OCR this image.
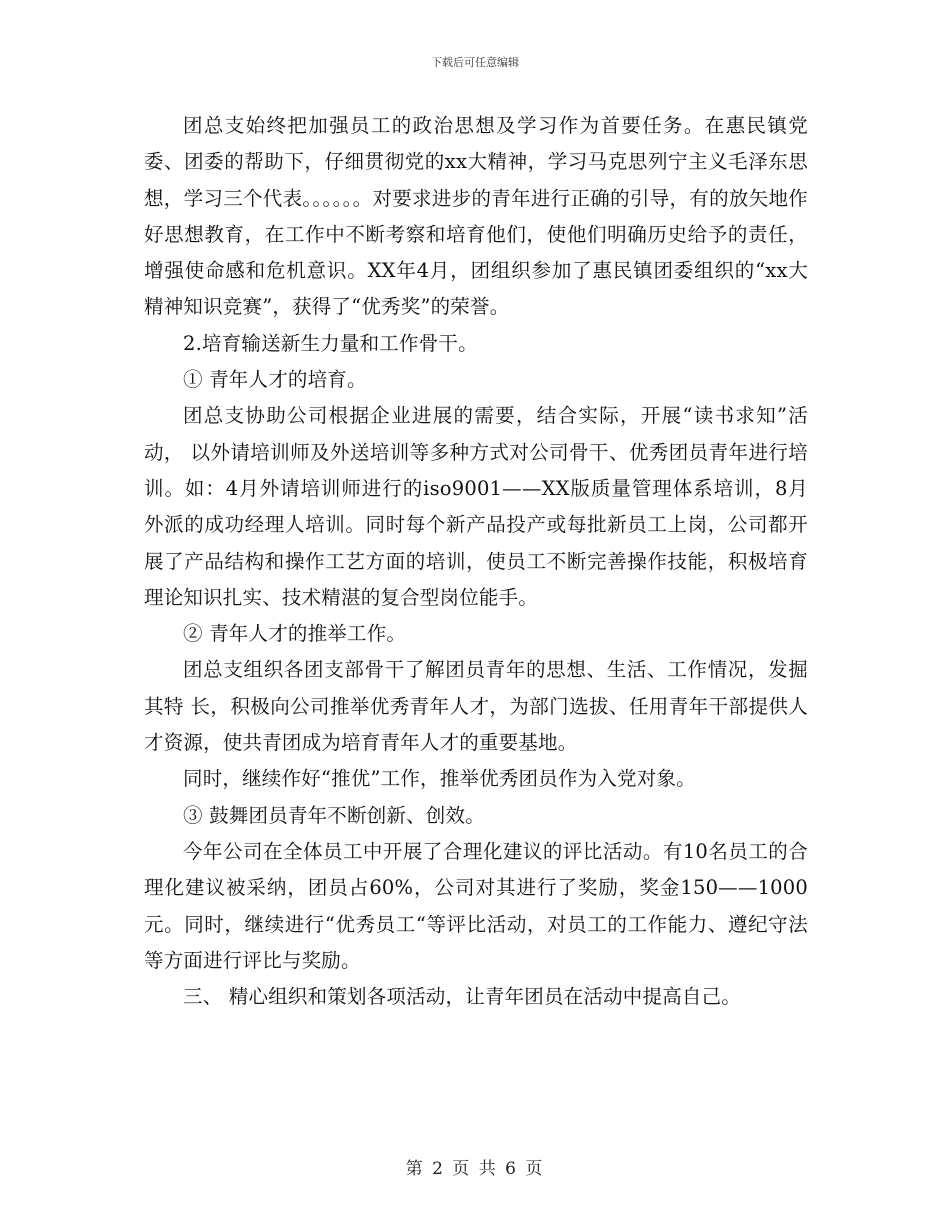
下载后可任意编辑

团总支始终把加强员工的政治思想及学习作为首要任务。在惠民镇党委、团委的帮助下，仔细贯彻党的xx大精神，学习马克思列宁主义毛泽东思想，学习三个代表。。。。。。对要求进步的青年进行正确的引导，有的放矢地作好思想教育，在工作中不断考察和培育他们，使他们明确历史给予的责任，增强使命感和危机意识。XX年4月，团组织参加了惠民镇团委组织的“xx大精神知识竞赛”，获得了“优秀奖”的荣誉。

2.培育输送新生力量和工作骨干。

① 青年人才的培育。

团总支协助公司根据企业进展的需要，结合实际，开展“读书求知”活动， 以外请培训师及外送培训等多种方式对公司骨干、优秀团员青年进行培训。如：4月外请培训师进行的iso9001——XX版质量管理体系培训，8月外派的成功经理人培训。同时每个新产品投产或每批新员工上岗，公司都开展了产品结构和操作工艺方面的培训，使员工不断完善操作技能，积极培育理论知识扎实、技术精湛的复合型岗位能手。

② 青年人才的推举工作。

团总支组织各团支部骨干了解团员青年的思想、生活、工作情况，发掘其特 长，积极向公司推举优秀青年人才，为部门选拔、任用青年干部提供人才资源，使共青团成为培育青年人才的重要基地。

同时，继续作好“推优”工作，推举优秀团员作为入党对象。

③ 鼓舞团员青年不断创新、创效。

今年公司在全体员工中开展了合理化建议的评比活动。有10名员工的合理化建议被采纳，团员占60%，公司对其进行了奖励，奖金150——1000元。同时，继续进行“优秀员工“等评比活动，对员工的工作能力、遵纪守法等方面进行评比与奖励。

三、 精心组织和策划各项活动，让青年团员在活动中提高自己。

第 2 页 共 6 页
